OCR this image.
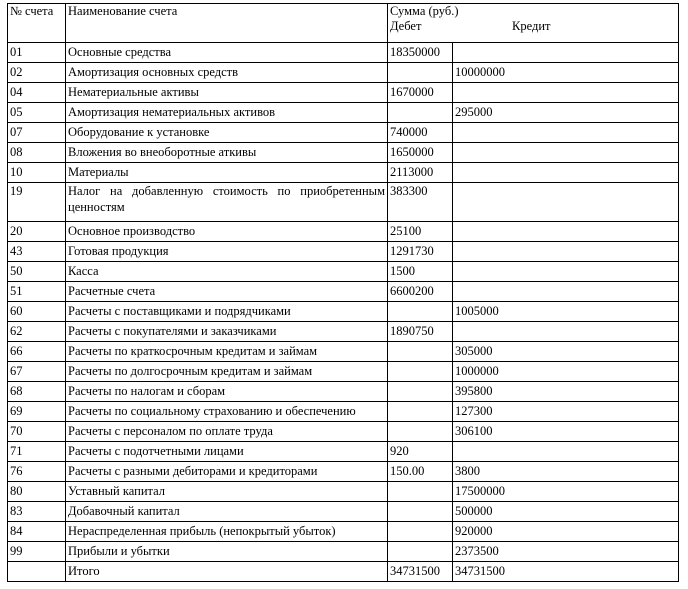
№ счета	Наименование счета	Сумма (руб.)
Дебет Кредит	

01	Основные средства	18350000	
02	Амортизация основных средств		10000000
04	Нематериальные активы	1670000	
05	Амортизация нематериальных активов		295000
07	Оборудование к установке	740000	
08	Вложения во внеоборотные аткивы	1650000	
10	Материалы	2113000	
19	Налог на добавленную стоимость по приобретенным ценностям	383300	
20	Основное производство	25100	
43	Готовая продукция	1291730	
50	Касса	1500	
51	Расчетные счета	6600200	
60	Расчеты с поставщиками и подрядчиками		1005000
62	Расчеты с покупателями и заказчиками	1890750	
66	Расчеты по краткосрочным кредитам и займам		305000
67	Расчеты по долгосрочным кредитам и займам		1000000
68	Расчеты по налогам и сборам		395800
69	Расчеты по социальному страхованию и обеспечению		127300
70	Расчеты с персоналом по оплате труда		306100
71	Расчеты с подотчетными лицами	920	
76	Расчеты с разными дебиторами и кредиторами	150.00	3800
80	Уставный капитал		17500000
83	Добавочный капитал		500000
84	Нераспределенная прибыль (непокрытый убыток)		920000
99	Прибыли и убытки		2373500
	Итого	34731500	34731500
